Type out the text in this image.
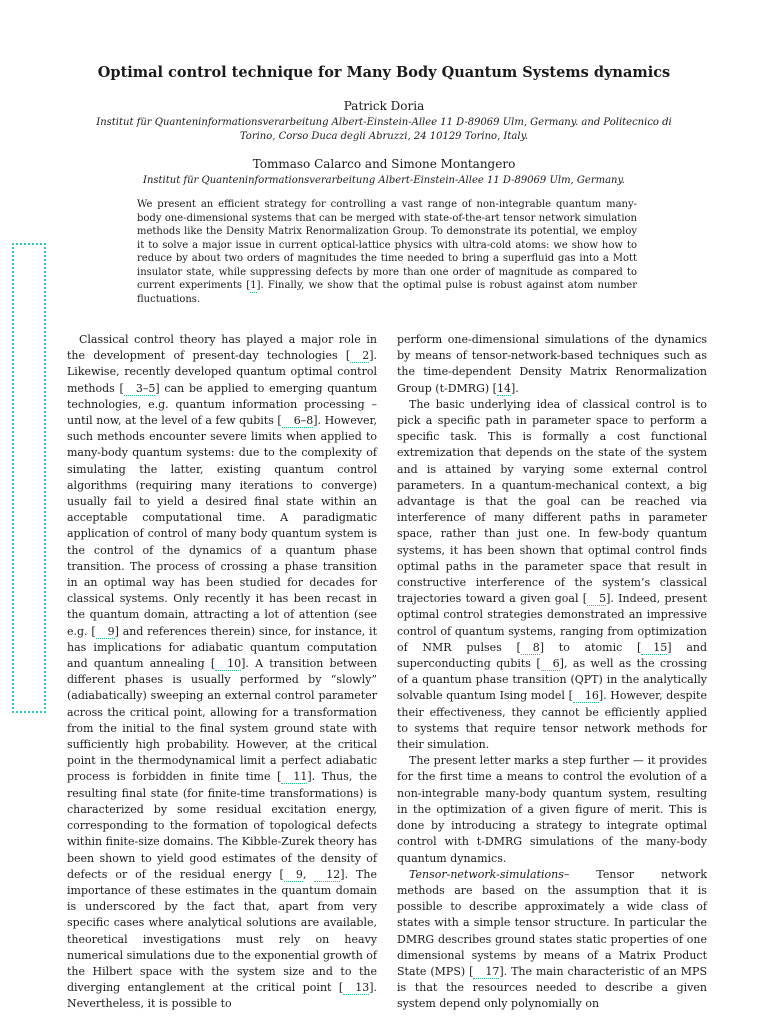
Optimal control technique for Many Body Quantum Systems dynamics

Patrick Doria

Institut für Quanteninformationsverarbeitung Albert-Einstein-Allee 11 D-89069 Ulm, Germany. and Politecnico di Torino, Corso Duca degli Abruzzi, 24 10129 Torino, Italy.

Tommaso Calarco and Simone Montangero

Institut für Quanteninformationsverarbeitung Albert-Einstein-Allee 11 D-89069 Ulm, Germany.

We present an efficient strategy for controlling a vast range of non-integrable quantum many-body one-dimensional systems that can be merged with state-of-the-art tensor network simulation methods like the Density Matrix Renormalization Group. To demonstrate its potential, we employ it to solve a major issue in current optical-lattice physics with ultra-cold atoms: we show how to reduce by about two orders of magnitudes the time needed to bring a superfluid gas into a Mott insulator state, while suppressing defects by more than one order of magnitude as compared to current experiments [1]. Finally, we show that the optimal pulse is robust against atom number fluctuations.

Classical control theory has played a major role in the development of present-day technologies [ 2]. Likewise, recently developed quantum optimal control methods [ 3–5] can be applied to emerging quantum technologies, e.g. quantum information processing – until now, at the level of a few qubits [ 6–8]. However, such methods encounter severe limits when applied to many-body quantum systems: due to the complexity of simulating the latter, existing quantum control algorithms (requiring many iterations to converge) usually fail to yield a desired final state within an acceptable computational time. A paradigmatic application of control of many body quantum system is the control of the dynamics of a quantum phase transition. The process of crossing a phase transition in an optimal way has been studied for decades for classical systems. Only recently it has been recast in the quantum domain, attracting a lot of attention (see e.g. [ 9] and references therein) since, for instance, it has implications for adiabatic quantum computation and quantum annealing [ 10]. A transition between different phases is usually performed by “slowly” (adiabatically) sweeping an external control parameter across the critical point, allowing for a transformation from the initial to the final system ground state with sufficiently high probability. However, at the critical point in the thermodynamical limit a perfect adiabatic process is forbidden in finite time [ 11]. Thus, the resulting final state (for finite-time transformations) is characterized by some residual excitation energy, corresponding to the formation of topological defects within finite-size domains. The Kibble-Zurek theory has been shown to yield good estimates of the density of defects or of the residual energy [ 9, 12]. The importance of these estimates in the quantum domain is underscored by the fact that, apart from very specific cases where analytical solutions are available, theoretical investigations must rely on heavy numerical simulations due to the exponential growth of the Hilbert space with the system size and to the diverging entanglement at the critical point [ 13]. Nevertheless, it is possible to

perform one-dimensional simulations of the dynamics by means of tensor-network-based techniques such as the time-dependent Density Matrix Renormalization Group (t-DMRG) [14].

The basic underlying idea of classical control is to pick a specific path in parameter space to perform a specific task. This is formally a cost functional extremization that depends on the state of the system and is attained by varying some external control parameters. In a quantum-mechanical context, a big advantage is that the goal can be reached via interference of many different paths in parameter space, rather than just one. In few-body quantum systems, it has been shown that optimal control finds optimal paths in the parameter space that result in constructive interference of the system’s classical trajectories toward a given goal [ 5]. Indeed, present optimal control strategies demonstrated an impressive control of quantum systems, ranging from optimization of NMR pulses [ 8] to atomic [ 15] and superconducting qubits [ 6], as well as the crossing of a quantum phase transition (QPT) in the analytically solvable quantum Ising model [ 16]. However, despite their effectiveness, they cannot be efficiently applied to systems that require tensor network methods for their simulation.

The present letter marks a step further — it provides for the first time a means to control the evolution of a non-integrable many-body quantum system, resulting in the optimization of a given figure of merit. This is done by introducing a strategy to integrate optimal control with t-DMRG simulations of the many-body quantum dynamics.

Tensor-network-simulations– Tensor network methods are based on the assumption that it is possible to describe approximately a wide class of states with a simple tensor structure. In particular the DMRG describes ground states static properties of one dimensional systems by means of a Matrix Product State (MPS) [ 17]. The main characteristic of an MPS is that the resources needed to describe a given system depend only polynomially on
